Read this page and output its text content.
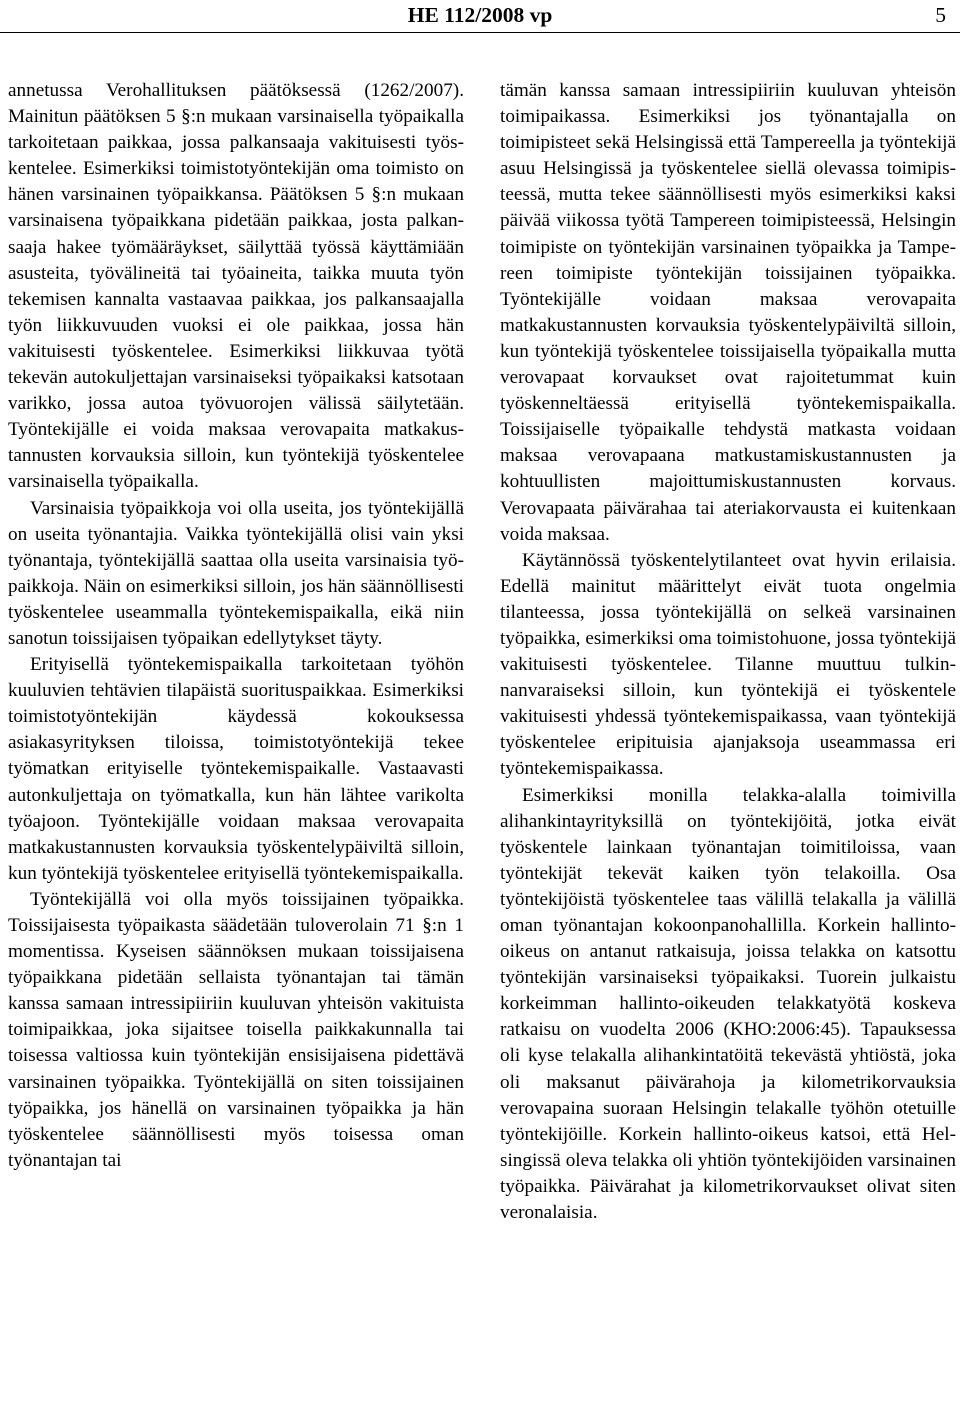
HE 112/2008 vp	5

annetussa Verohallituksen päätöksessä (1262/2007). Mainitun päätöksen 5 §:n mukaan varsinaisella työpaikalla tarkoitetaan paikkaa, jossa palkansaaja vakituisesti työskentelee. Esimerkiksi toimistotyöntekijän oma toimisto on hänen varsinainen työpaikkansa. Päätöksen 5 §:n mukaan varsinaisena työpaikkana pidetään paikkaa, josta palkansaaja hakee työmääräykset, säilyttää työssä käyttämiään asusteita, työvälineitä tai työaineita, taikka muuta työn tekemisen kannalta vastaavaa paikkaa, jos palkansaajalla työn liikkuvuuden vuoksi ei ole paikkaa, jossa hän vakituisesti työskentelee. Esimerkiksi liikkuvaa työtä tekevän autokuljettajan varsinaiseksi työpaikaksi katsotaan varikko, jossa autoa työvuorojen välissä säilytetään. Työntekijälle ei voida maksaa verovapaita matkakustannusten korvauksia silloin, kun työntekijä työskentelee varsinaisella työpaikalla.

Varsinaisia työpaikkoja voi olla useita, jos työntekijällä on useita työnantajia. Vaikka työntekijällä olisi vain yksi työnantaja, työntekijällä saattaa olla useita varsinaisia työpaikkoja. Näin on esimerkiksi silloin, jos hän säännöllisesti työskentelee useammalla työntekemispaikalla, eikä niin sanotun toissijaisen työpaikan edellytykset täyty.

Erityisellä työntekemispaikalla tarkoitetaan työhön kuuluvien tehtävien tilapäistä suorituspaikkaa. Esimerkiksi toimistotyöntekijän käydessä kokouksessa asiakasyrityksen tiloissa, toimistotyöntekijä tekee työmatkan erityiselle työntekemispaikalle. Vastaavasti autonkuljettaja on työmatkalla, kun hän lähtee varikolta työajoon. Työntekijälle voidaan maksaa verovapaita matkakustannusten korvauksia työskentelypäiviltä silloin, kun työntekijä työskentelee erityisellä työntekemispaikalla.

Työntekijällä voi olla myös toissijainen työpaikka. Toissijaisesta työpaikasta säädetään tuloverolain 71 §:n 1 momentissa. Kyseisen säännöksen mukaan toissijaisena työpaikkana pidetään sellaista työnantajan tai tämän kanssa samaan intressipiiriin kuuluvan yhteisön vakituista toimipaikkaa, joka sijaitsee toisella paikkakunnalla tai toisessa valtiossa kuin työntekijän ensisijaisena pidettävä varsinainen työpaikka. Työntekijällä on siten toissijainen työpaikka, jos hänellä on varsinainen työpaikka ja hän työskentelee säännöllisesti myös toisessa oman työnantajan tai

tämän kanssa samaan intressipiiriin kuuluvan yhteisön toimipaikassa. Esimerkiksi jos työnantajalla on toimipisteet sekä Helsingissä että Tampereella ja työntekijä asuu Helsingissä ja työskentelee siellä olevassa toimipisteessä, mutta tekee säännöllisesti myös esimerkiksi kaksi päivää viikossa työtä Tampereen toimipisteessä, Helsingin toimipiste on työntekijän varsinainen työpaikka ja Tampereen toimipiste työntekijän toissijainen työpaikka. Työntekijälle voidaan maksaa verovapaita matkakustannusten korvauksia työskentelypäiviltä silloin, kun työntekijä työskentelee toissijaisella työpaikalla mutta verovapaat korvaukset ovat rajoitetummat kuin työskenneltäessä erityisellä työntekemispaikalla. Toissijaiselle työpaikalle tehdystä matkasta voidaan maksaa verovapaana matkustamiskustannusten ja kohtuullisten majoittumiskustannusten korvaus. Verovapaata päivärahaa tai ateriakorvausta ei kuitenkaan voida maksaa.

Käytännössä työskentelytilanteet ovat hyvin erilaisia. Edellä mainitut määrittelyt eivät tuota ongelmia tilanteessa, jossa työntekijällä on selkeä varsinainen työpaikka, esimerkiksi oma toimistohuone, jossa työntekijä vakituisesti työskentelee. Tilanne muuttuu tulkinnanvaraiseksi silloin, kun työntekijä ei työskentele vakituisesti yhdessä työntekemispaikassa, vaan työntekijä työskentelee eripituisia ajanjaksoja useammassa eri työntekemispaikassa.

Esimerkiksi monilla telakka-alalla toimivilla alihankintayrityksillä on työntekijöitä, jotka eivät työskentele lainkaan työnantajan toimitiloissa, vaan työntekijät tekevät kaiken työn telakoilla. Osa työntekijöistä työskentelee taas välillä telakalla ja välillä oman työnantajan kokoonpanohallilla. Korkein hallintooikeus on antanut ratkaisuja, joissa telakka on katsottu työntekijän varsinaiseksi työpaikaksi. Tuorein julkaistu korkeimman hallinto-oikeuden telakkatyötä koskeva ratkaisu on vuodelta 2006 (KHO:2006:45). Tapauksessa oli kyse telakalla alihankintatöitä tekevästä yhtiöstä, joka oli maksanut päivärahoja ja kilometrikorvauksia verovapaina suoraan Helsingin telakalle työhön otetuille työntekijöille. Korkein hallinto-oikeus katsoi, että Helsingissä oleva telakka oli yhtiön työntekijöiden varsinainen työpaikka. Päivärahat ja kilometrikorvaukset olivat siten veronalaisia.
